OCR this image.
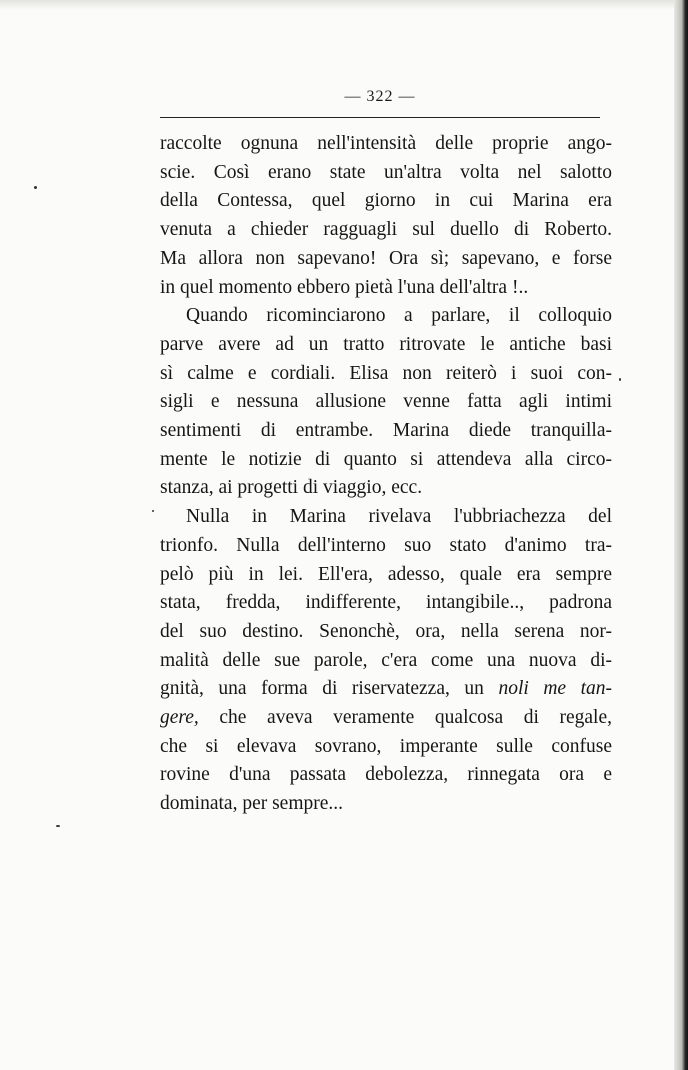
— 322 —

raccolte ognuna nell'intensità delle proprie ango-
scie. Così erano state un'altra volta nel salotto
della Contessa, quel giorno in cui Marina era
venuta a chieder ragguagli sul duello di Roberto.
Ma allora non sapevano! Ora sì; sapevano, e forse
in quel momento ebbero pietà l'una dell'altra !..
Quando ricominciarono a parlare, il colloquio
parve avere ad un tratto ritrovate le antiche basi
sì calme e cordiali. Elisa non reiterò i suoi con-
sigli e nessuna allusione venne fatta agli intimi
sentimenti di entrambe. Marina diede tranquilla-
mente le notizie di quanto si attendeva alla circo-
stanza, ai progetti di viaggio, ecc.
Nulla in Marina rivelava l'ubbriachezza del
trionfo. Nulla dell'interno suo stato d'animo tra-
pelò più in lei. Ell'era, adesso, quale era sempre
stata, fredda, indifferente, intangibile.., padrona
del suo destino. Senonchè, ora, nella serena nor-
malità delle sue parole, c'era come una nuova di-
gnità, una forma di riservatezza, un noli me tan-
gere, che aveva veramente qualcosa di regale,
che si elevava sovrano, imperante sulle confuse
rovine d'una passata debolezza, rinnegata ora e
dominata, per sempre...
